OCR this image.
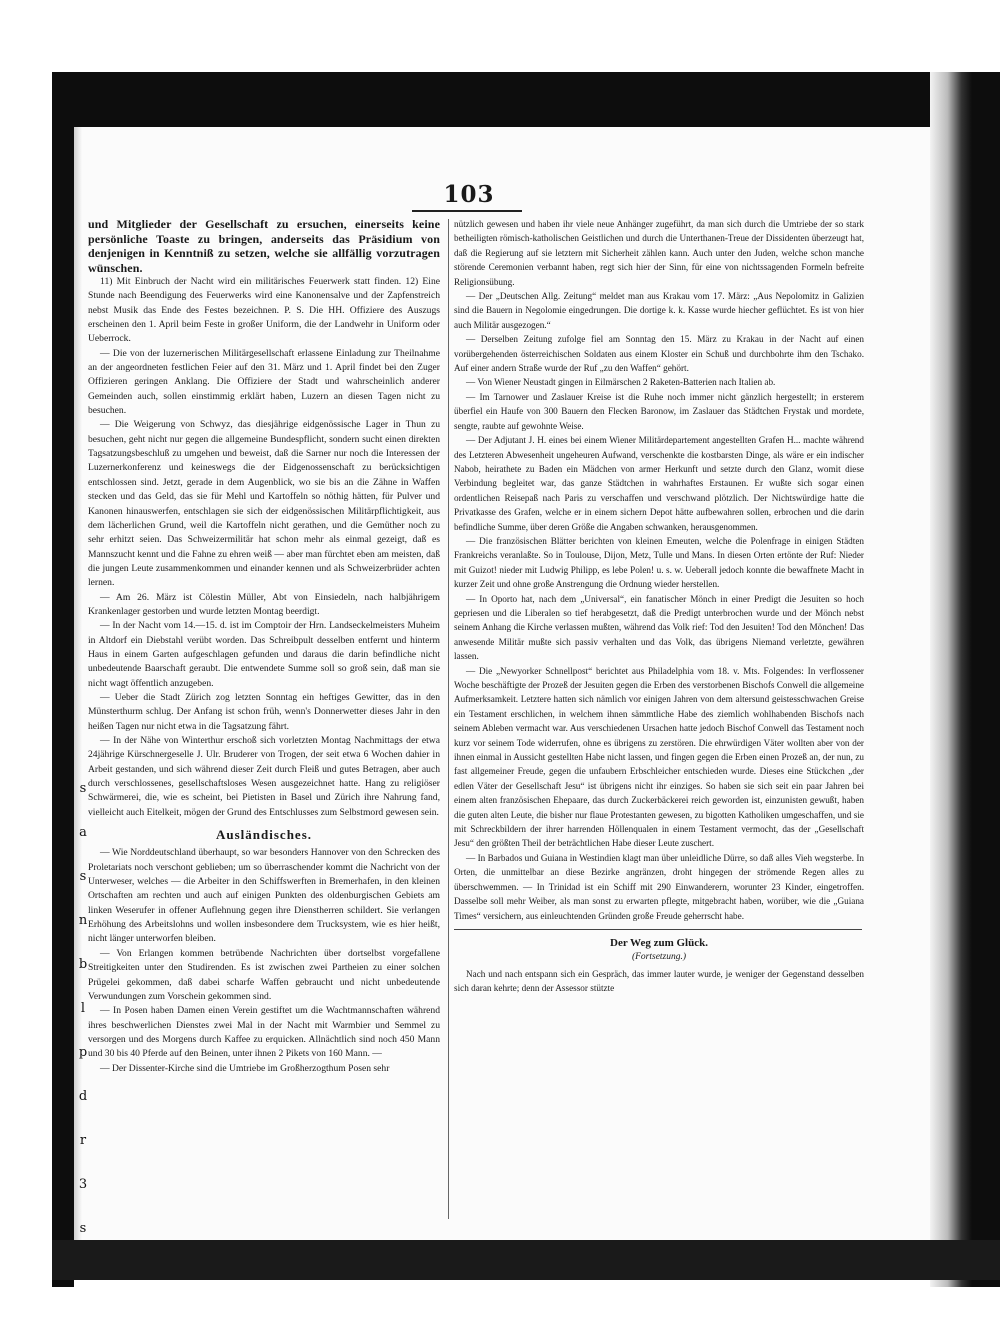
s
a
s
n
b
l
p
d
r
3
s
103

und Mitglieder der Gesellschaft zu ersuchen, einerseits keine persönliche Toaste zu bringen, anderseits das Präsidium von denjenigen in Kenntniß zu setzen, welche sie allfällig vorzutragen wünschen.

11) Mit Einbruch der Nacht wird ein militärisches Feuerwerk statt finden. 12) Eine Stunde nach Beendigung des Feuerwerks wird eine Kanonensalve und der Zapfenstreich nebst Musik das Ende des Festes bezeichnen. P. S. Die HH. Offiziere des Auszugs erscheinen den 1. April beim Feste in großer Uniform, die der Landwehr in Uniform oder Ueberrock.

— Die von der luzernerischen Militärgesellschaft erlassene Einladung zur Theilnahme an der angeordneten festlichen Feier auf den 31. März und 1. April findet bei den Zuger Offizieren geringen Anklang. Die Offiziere der Stadt und wahrscheinlich anderer Gemeinden auch, sollen einstimmig erklärt haben, Luzern an diesen Tagen nicht zu besuchen.

— Die Weigerung von Schwyz, das diesjährige eidgenössische Lager in Thun zu besuchen, geht nicht nur gegen die allgemeine Bundespflicht, sondern sucht einen direkten Tagsatzungsbeschluß zu umgehen und beweist, daß die Sarner nur noch die Interessen der Luzernerkonferenz und keineswegs die der Eidgenossenschaft zu berücksichtigen entschlossen sind. Jetzt, gerade in dem Augenblick, wo sie bis an die Zähne in Waffen stecken und das Geld, das sie für Mehl und Kartoffeln so nöthig hätten, für Pulver und Kanonen hinauswerfen, entschlagen sie sich der eidgenössischen Militärpflichtigkeit, aus dem lächerlichen Grund, weil die Kartoffeln nicht gerathen, und die Gemüther noch zu sehr erhitzt seien. Das Schweizermilitär hat schon mehr als einmal gezeigt, daß es Mannszucht kennt und die Fahne zu ehren weiß — aber man fürchtet eben am meisten, daß die jungen Leute zusammenkommen und einander kennen und als Schweizerbrüder achten lernen.

— Am 26. März ist Cölestin Müller, Abt von Einsiedeln, nach halbjährigem Krankenlager gestorben und wurde letzten Montag beerdigt.

— In der Nacht vom 14.—15. d. ist im Comptoir der Hrn. Landseckelmeisters Muheim in Altdorf ein Diebstahl verübt worden. Das Schreibpult desselben entfernt und hinterm Haus in einem Garten aufgeschlagen gefunden und daraus die darin befindliche nicht unbedeutende Baarschaft geraubt. Die entwendete Summe soll so groß sein, daß man sie nicht wagt öffentlich anzugeben.

— Ueber die Stadt Zürich zog letzten Sonntag ein heftiges Gewitter, das in den Münsterthurm schlug. Der Anfang ist schon früh, wenn's Donnerwetter dieses Jahr in den heißen Tagen nur nicht etwa in die Tagsatzung fährt.

— In der Nähe von Winterthur erschoß sich vorletzten Montag Nachmittags der etwa 24jährige Kürschnergeselle J. Ulr. Bruderer von Trogen, der seit etwa 6 Wochen dahier in Arbeit gestanden, und sich während dieser Zeit durch Fleiß und gutes Betragen, aber auch durch verschlossenes, gesellschaftsloses Wesen ausgezeichnet hatte. Hang zu religiöser Schwärmerei, die, wie es scheint, bei Pietisten in Basel und Zürich ihre Nahrung fand, vielleicht auch Eitelkeit, mögen der Grund des Entschlusses zum Selbstmord gewesen sein.

Ausländisches.

— Wie Norddeutschland überhaupt, so war besonders Hannover von den Schrecken des Proletariats noch verschont geblieben; um so überraschender kommt die Nachricht von der Unterweser, welches — die Arbeiter in den Schiffswerften in Bremerhafen, in den kleinen Ortschaften am rechten und auch auf einigen Punkten des oldenburgischen Gebiets am linken Weserufer in offener Auflehnung gegen ihre Dienstherren schildert. Sie verlangen Erhöhung des Arbeitslohns und wollen insbesondere dem Trucksystem, wie es hier heißt, nicht länger unterworfen bleiben.

— Von Erlangen kommen betrübende Nachrichten über dortselbst vorgefallene Streitigkeiten unter den Studirenden. Es ist zwischen zwei Partheien zu einer solchen Prügelei gekommen, daß dabei scharfe Waffen gebraucht und nicht unbedeutende Verwundungen zum Vorschein gekommen sind.

— In Posen haben Damen einen Verein gestiftet um die Wachtmannschaften während ihres beschwerlichen Dienstes zwei Mal in der Nacht mit Warmbier und Semmel zu versorgen und des Morgens durch Kaffee zu erquicken. Allnächtlich sind noch 450 Mann und 30 bis 40 Pferde auf den Beinen, unter ihnen 2 Pikets von 160 Mann. —

— Der Dissenter-Kirche sind die Umtriebe im Großherzogthum Posen sehr

nützlich gewesen und haben ihr viele neue Anhänger zugeführt, da man sich durch die Umtriebe der so stark betheiligten römisch-katholischen Geistlichen und durch die Unterthanen-Treue der Dissidenten überzeugt hat, daß die Regierung auf sie letztern mit Sicherheit zählen kann. Auch unter den Juden, welche schon manche störende Ceremonien verbannt haben, regt sich hier der Sinn, für eine von nichtssagenden Formeln befreite Religionsübung.

— Der „Deutschen Allg. Zeitung“ meldet man aus Krakau vom 17. März: „Aus Nepolomitz in Galizien sind die Bauern in Negolomie eingedrungen. Die dortige k. k. Kasse wurde hiecher geflüchtet. Es ist von hier auch Militär ausgezogen.“

— Derselben Zeitung zufolge fiel am Sonntag den 15. März zu Krakau in der Nacht auf einen vorübergehenden österreichischen Soldaten aus einem Kloster ein Schuß und durchbohrte ihm den Tschako. Auf einer andern Straße wurde der Ruf „zu den Waffen“ gehört.

— Von Wiener Neustadt gingen in Eilmärschen 2 Raketen-Batterien nach Italien ab.

— Im Tarnower und Zaslauer Kreise ist die Ruhe noch immer nicht gänzlich hergestellt; in ersterem überfiel ein Haufe von 300 Bauern den Flecken Baronow, im Zaslauer das Städtchen Frystak und mordete, sengte, raubte auf gewohnte Weise.

— Der Adjutant J. H. eines bei einem Wiener Militärdepartement angestellten Grafen H... machte während des Letzteren Abwesenheit ungeheuren Aufwand, verschenkte die kostbarsten Dinge, als wäre er ein indischer Nabob, heirathete zu Baden ein Mädchen von armer Herkunft und setzte durch den Glanz, womit diese Verbindung begleitet war, das ganze Städtchen in wahrhaftes Erstaunen. Er wußte sich sogar einen ordentlichen Reisepaß nach Paris zu verschaffen und verschwand plötzlich. Der Nichtswürdige hatte die Privatkasse des Grafen, welche er in einem sichern Depot hätte aufbewahren sollen, erbrochen und die darin befindliche Summe, über deren Größe die Angaben schwanken, herausgenommen.

— Die französischen Blätter berichten von kleinen Emeuten, welche die Polenfrage in einigen Städten Frankreichs veranlaßte. So in Toulouse, Dijon, Metz, Tulle und Mans. In diesen Orten ertönte der Ruf: Nieder mit Guizot! nieder mit Ludwig Philipp, es lebe Polen! u. s. w. Ueberall jedoch konnte die bewaffnete Macht in kurzer Zeit und ohne große Anstrengung die Ordnung wieder herstellen.

— In Oporto hat, nach dem „Universal“, ein fanatischer Mönch in einer Predigt die Jesuiten so hoch gepriesen und die Liberalen so tief herabgesetzt, daß die Predigt unterbrochen wurde und der Mönch nebst seinem Anhang die Kirche verlassen mußten, während das Volk rief: Tod den Jesuiten! Tod den Mönchen! Das anwesende Militär mußte sich passiv verhalten und das Volk, das übrigens Niemand verletzte, gewähren lassen.

— Die „Newyorker Schnellpost“ berichtet aus Philadelphia vom 18. v. Mts. Folgendes: In verflossener Woche beschäftigte der Prozeß der Jesuiten gegen die Erben des verstorbenen Bischofs Conwell die allgemeine Aufmerksamkeit. Letztere hatten sich nämlich vor einigen Jahren von dem altersund geistesschwachen Greise ein Testament erschlichen, in welchem ihnen sämmtliche Habe des ziemlich wohlhabenden Bischofs nach seinem Ableben vermacht war. Aus verschiedenen Ursachen hatte jedoch Bischof Conwell das Testament noch kurz vor seinem Tode widerrufen, ohne es übrigens zu zerstören. Die ehrwürdigen Väter wollten aber von der ihnen einmal in Aussicht gestellten Habe nicht lassen, und fingen gegen die Erben einen Prozeß an, der nun, zu fast allgemeiner Freude, gegen die unfaubern Erbschleicher entschieden wurde. Dieses eine Stückchen „der edlen Väter der Gesellschaft Jesu“ ist übrigens nicht ihr einziges. So haben sie sich seit ein paar Jahren bei einem alten französischen Ehepaare, das durch Zuckerbäckerei reich geworden ist, einzunisten gewußt, haben die guten alten Leute, die bisher nur flaue Protestanten gewesen, zu bigotten Katholiken umgeschaffen, und sie mit Schreckbildern der ihrer harrenden Höllenqualen in einem Testament vermocht, das der „Gesellschaft Jesu“ den größten Theil der beträchtlichen Habe dieser Leute zuschert.

— In Barbados und Guiana in Westindien klagt man über unleidliche Dürre, so daß alles Vieh wegsterbe. In Orten, die unmittelbar an diese Bezirke angränzen, droht hingegen der strömende Regen alles zu überschwemmen. — In Trinidad ist ein Schiff mit 290 Einwanderern, worunter 23 Kinder, eingetroffen. Dasselbe soll mehr Weiber, als man sonst zu erwarten pflegte, mitgebracht haben, worüber, wie die „Guiana Times“ versichern, aus einleuchtenden Gründen große Freude geherrscht habe.

Der Weg zum Glück.
(Fortsetzung.)

Nach und nach entspann sich ein Gespräch, das immer lauter wurde, je weniger der Gegenstand desselben sich daran kehrte; denn der Assessor stützte
